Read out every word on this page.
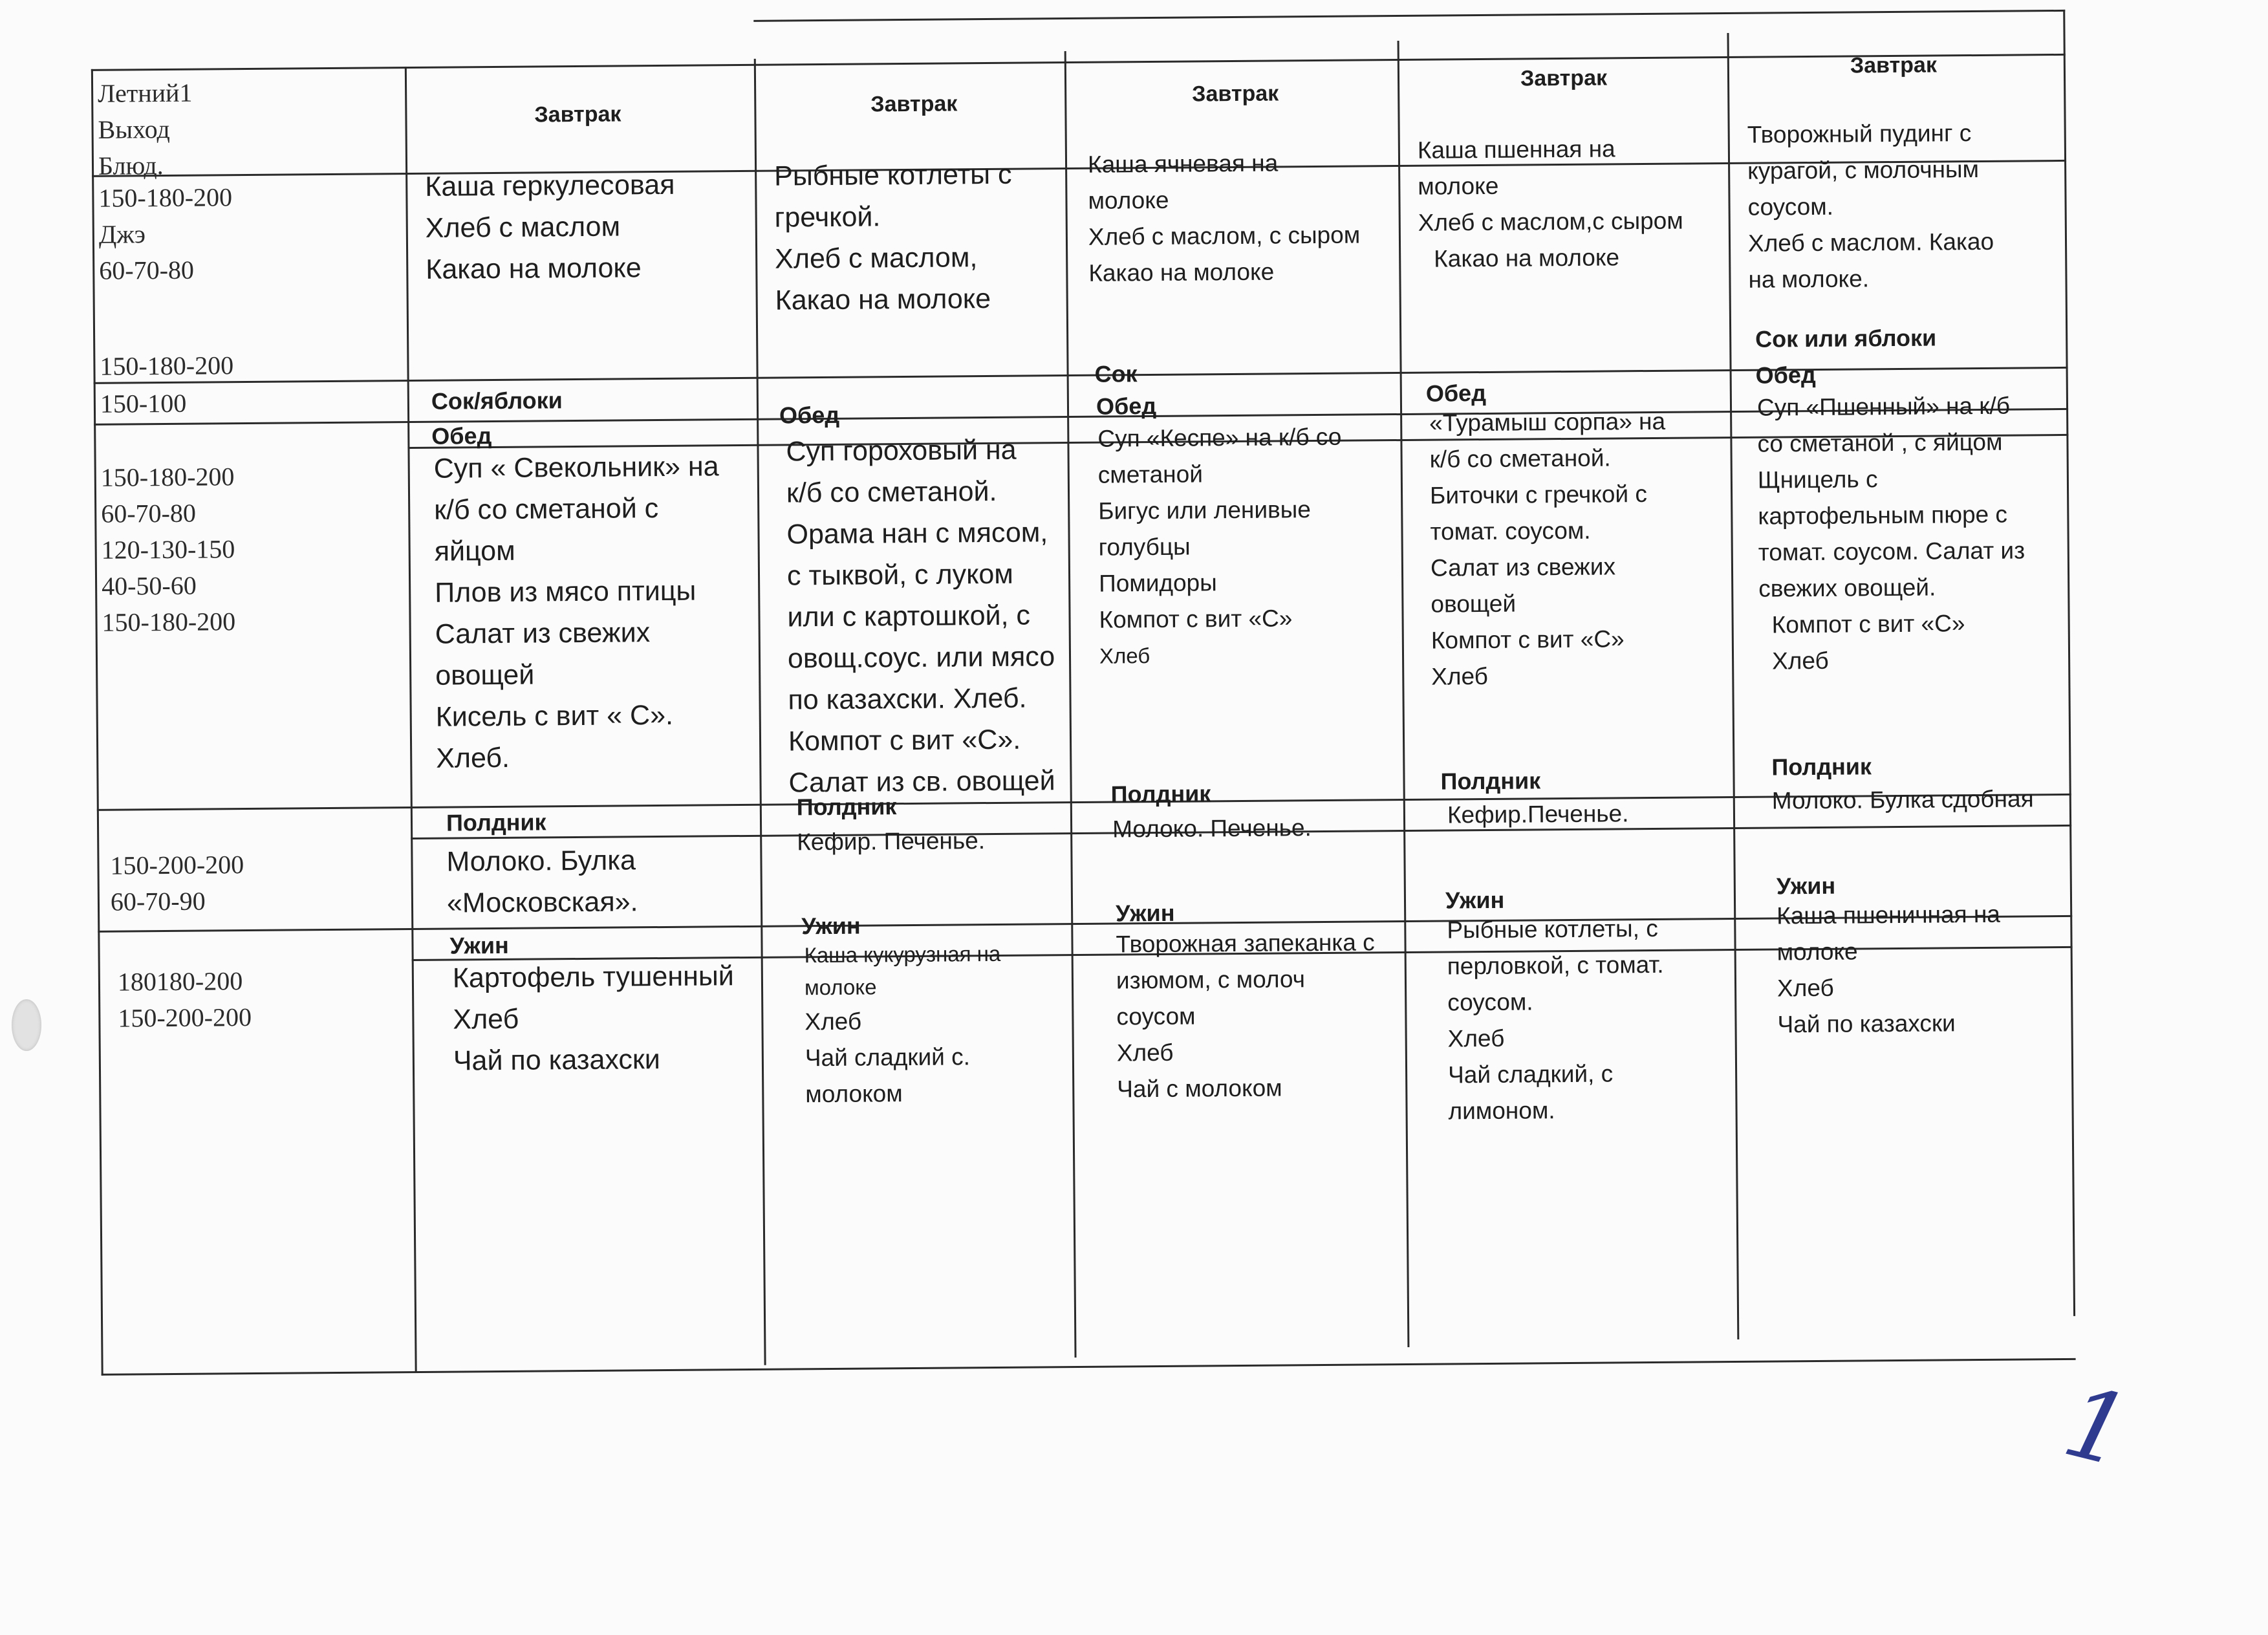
Летний1
Выход
Блюд.
150-180-200
Джэ
60-70-80
150-180-200
150-100
150-180-200
60-70-80
120-130-150
40-50-60
150-180-200
150-200-200
60-70-90
180180-200
150-200-200
Завтрак
Каша геркулесовая
Хлеб с маслом
Какао на молоке
Сок/яблоки
Обед
Суп « Свекольник» на
к/б со сметаной с
яйцом
Плов из мясо птицы
Салат из свежих
овощей
Кисель с вит « С».
Хлеб.
Полдник
Молоко. Булка
«Московская».
Ужин
Картофель тушенный
Хлеб
Чай по казахски
Завтрак
Рыбные котлеты с
гречкой.
Хлеб с маслом,
Какао на молоке
Обед
Суп гороховый на
к/б со сметаной.
Орама нан с мясом,
с тыквой, с луком
или с картошкой, с
овощ.соус. или мясо
по казахски. Хлеб.
Компот с вит «С».
Салат из св. овощей
Полдник
Кефир. Печенье.
Ужин
Каша кукурузная на
молоке
Хлеб
Чай сладкий с.
молоком
Завтрак
Каша ячневая на
молоке
Хлеб с маслом, с сыром
Какао на молоке
Сок
Обед
Суп «Кеспе» на к/б со
сметаной
Бигус или ленивые
голубцы
Помидоры
Компот с вит «С»
Хлеб
Полдник
Молоко. Печенье.
Ужин
Творожная запеканка с
изюмом, с молоч
соусом
Хлеб
Чай с молоком
Завтрак
Каша пшенная на
молоке
Хлеб с маслом,с сыром
Какао на молоке
Обед
«Турамыш сорпа» на
к/б со сметаной.
Биточки с гречкой с
томат. соусом.
Салат из свежих
овощей
Компот с вит «С»
Хлеб
Полдник
Кефир.Печенье.
Ужин
Рыбные котлеты, с
перловкой, с томат.
соусом.
Хлеб
Чай сладкий, с
лимоном.
Завтрак
Творожный пудинг с
курагой, с молочным
соусом.
Хлеб с маслом. Какао
на молоке.
Сок или яблоки
Обед
Суп «Пшенный» на к/б
со сметаной , с яйцом
Щницель с
картофельным пюре с
томат. соусом. Салат из
свежих овощей.
Компот с вит «С»
Хлеб
Полдник
Молоко. Булка сдобная
Ужин
Каша пшеничная на
молоке
Хлеб
Чай по казахски
1
